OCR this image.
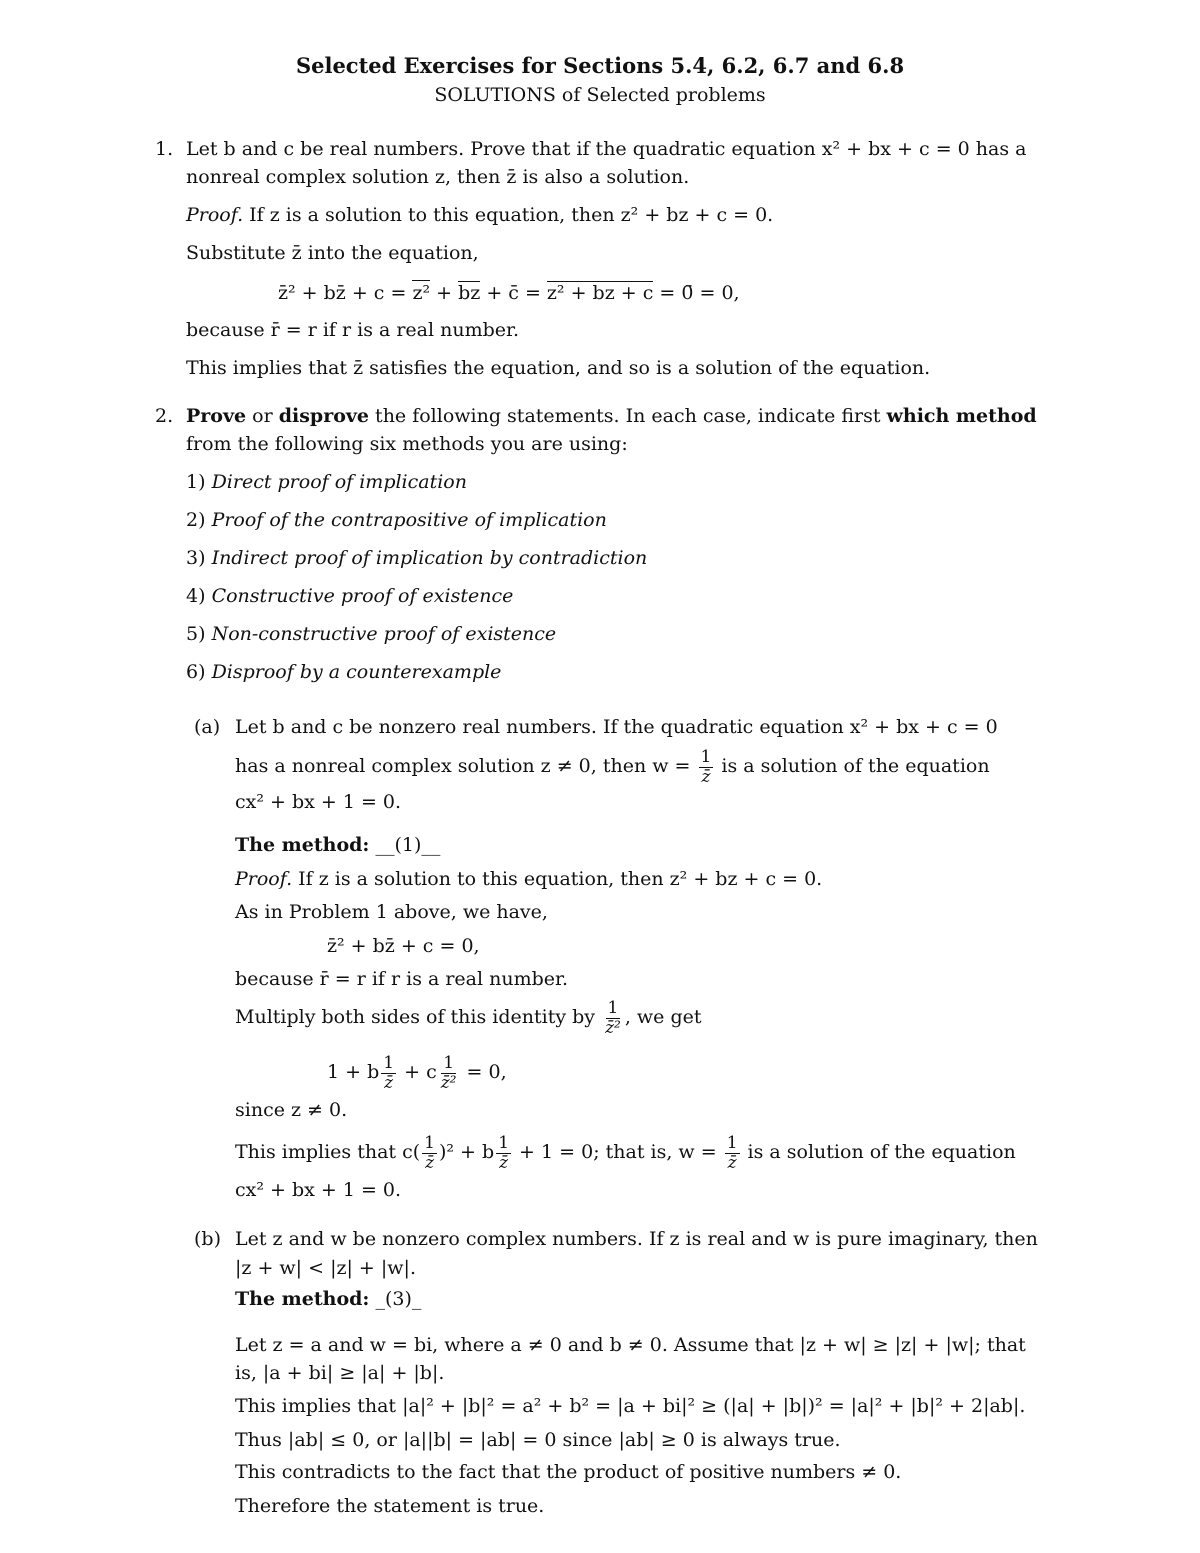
Selected Exercises for Sections 5.4, 6.2, 6.7 and 6.8
SOLUTIONS of Selected problems
1. Let b and c be real numbers. Prove that if the quadratic equation x² + bx + c = 0 has a
nonreal complex solution z, then z̄ is also a solution.
Proof. If z is a solution to this equation, then z² + bz + c = 0.
Substitute z̄ into the equation,
z̄² + bz̄ + c = z² + bz + c̄ = z² + bz + c = 0̄ = 0,
because r̄ = r if r is a real number.
This implies that z̄ satisfies the equation, and so is a solution of the equation.
2. Prove or disprove the following statements. In each case, indicate first which method
from the following six methods you are using:
1) Direct proof of implication
2) Proof of the contrapositive of implication
3) Indirect proof of implication by contradiction
4) Constructive proof of existence
5) Non-constructive proof of existence
6) Disproof by a counterexample
(a) Let b and c be nonzero real numbers. If the quadratic equation x² + bx + c = 0
has a nonreal complex solution z ≠ 0, then $w = \frac{1}{z̄}$ is a solution of the equation
cx² + bx + 1 = 0.
The method: __(1)__
Proof. If z is a solution to this equation, then z² + bz + c = 0.
As in Problem 1 above, we have,
z̄² + bz̄ + c = 0,
because r̄ = r if r is a real number.
Multiply both sides of this identity by $\frac{1}{\text{z̄²}}$ , we get
1 + b $\frac{1}{z̄} + c \frac{1}{\text{z̄²}} = 0$,
since z ≠ 0.
This implies that $c( \frac{1}{z̄} )^2 + b \frac{1}{z̄} + 1 = 0$; that is, $w = \frac{1}{z̄}$ is a solution of the equation
cx² + bx + 1 = 0.
(b) Let z and w be nonzero complex numbers. If z is real and w is pure imaginary, then
|z + w| < |z| + |w|.
The method: _(3)_
Let z = a and w = bi, where a ≠ 0 and b ≠ 0. Assume that |z + w| ≥ |z| + |w|; that
is, |a + bi| ≥ |a| + |b|.
This implies that |a|² + |b|² = a² + b² = |a + bi|² ≥ (|a| + |b|)² = |a|² + |b|² + 2|ab|.
Thus |ab| ≤ 0, or |a||b| = |ab| = 0 since |ab| ≥ 0 is always true.
This contradicts to the fact that the product of positive numbers ≠ 0.
Therefore the statement is true.
